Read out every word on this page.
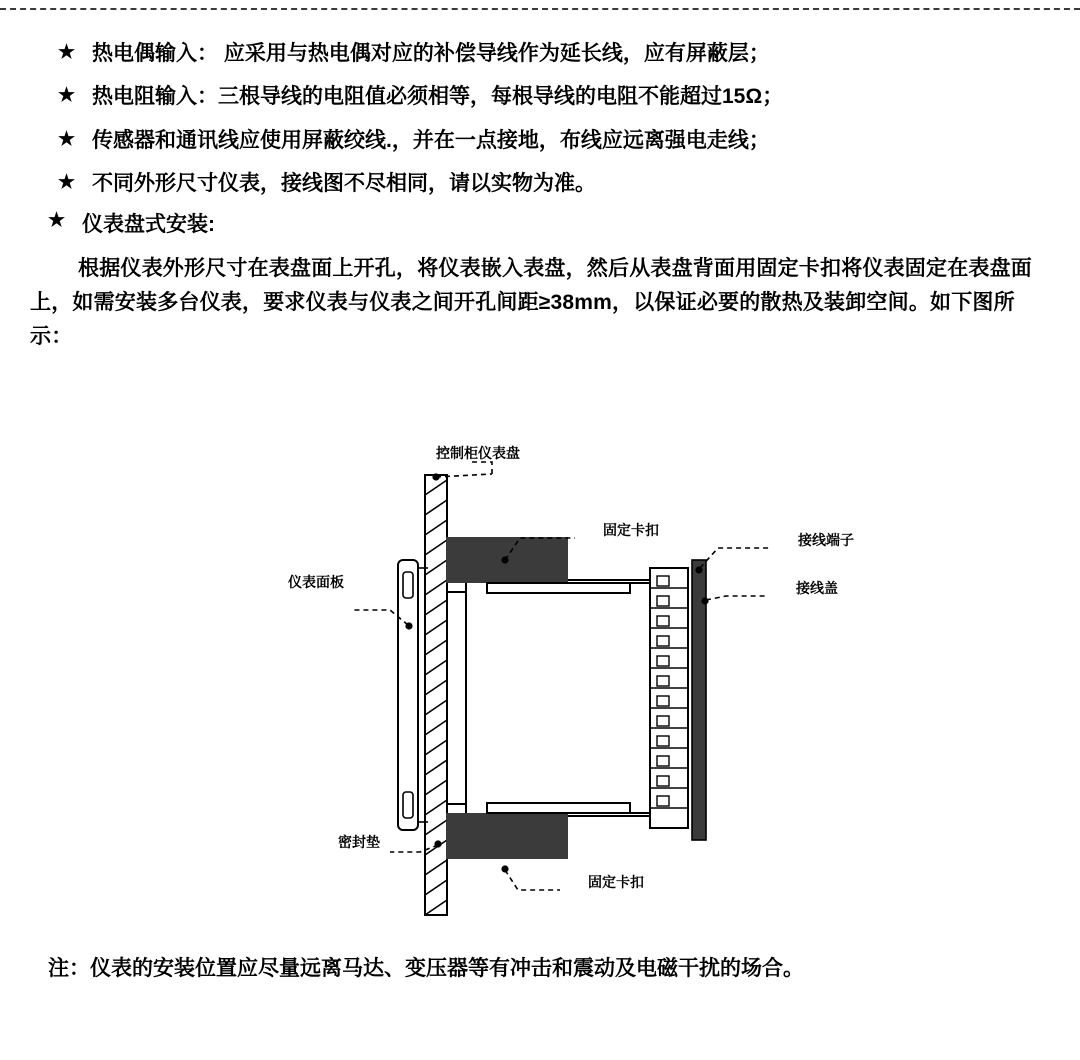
★ 热电偶输入： 应采用与热电偶对应的补偿导线作为延长线，应有屏蔽层；
★ 热电阻输入：三根导线的电阻值必须相等，每根导线的电阻不能超过15Ω；
★ 传感器和通讯线应使用屏蔽绞线.，并在一点接地，布线应远离强电走线；
★ 不同外形尺寸仪表，接线图不尽相同，请以实物为准。
★ 仪表盘式安装:
根据仪表外形尺寸在表盘面上开孔，将仪表嵌入表盘，然后从表盘背面用固定卡扣将仪表固定在表盘面上，如需安装多台仪表，要求仪表与仪表之间开孔间距≥38mm，以保证必要的散热及装卸空间。如下图所示：
控制柜仪表盘
固定卡扣
接线端子
仪表面板	接线盖
密封垫
固定卡扣
注：仪表的安装位置应尽量远离马达、变压器等有冲击和震动及电磁干扰的场合。
